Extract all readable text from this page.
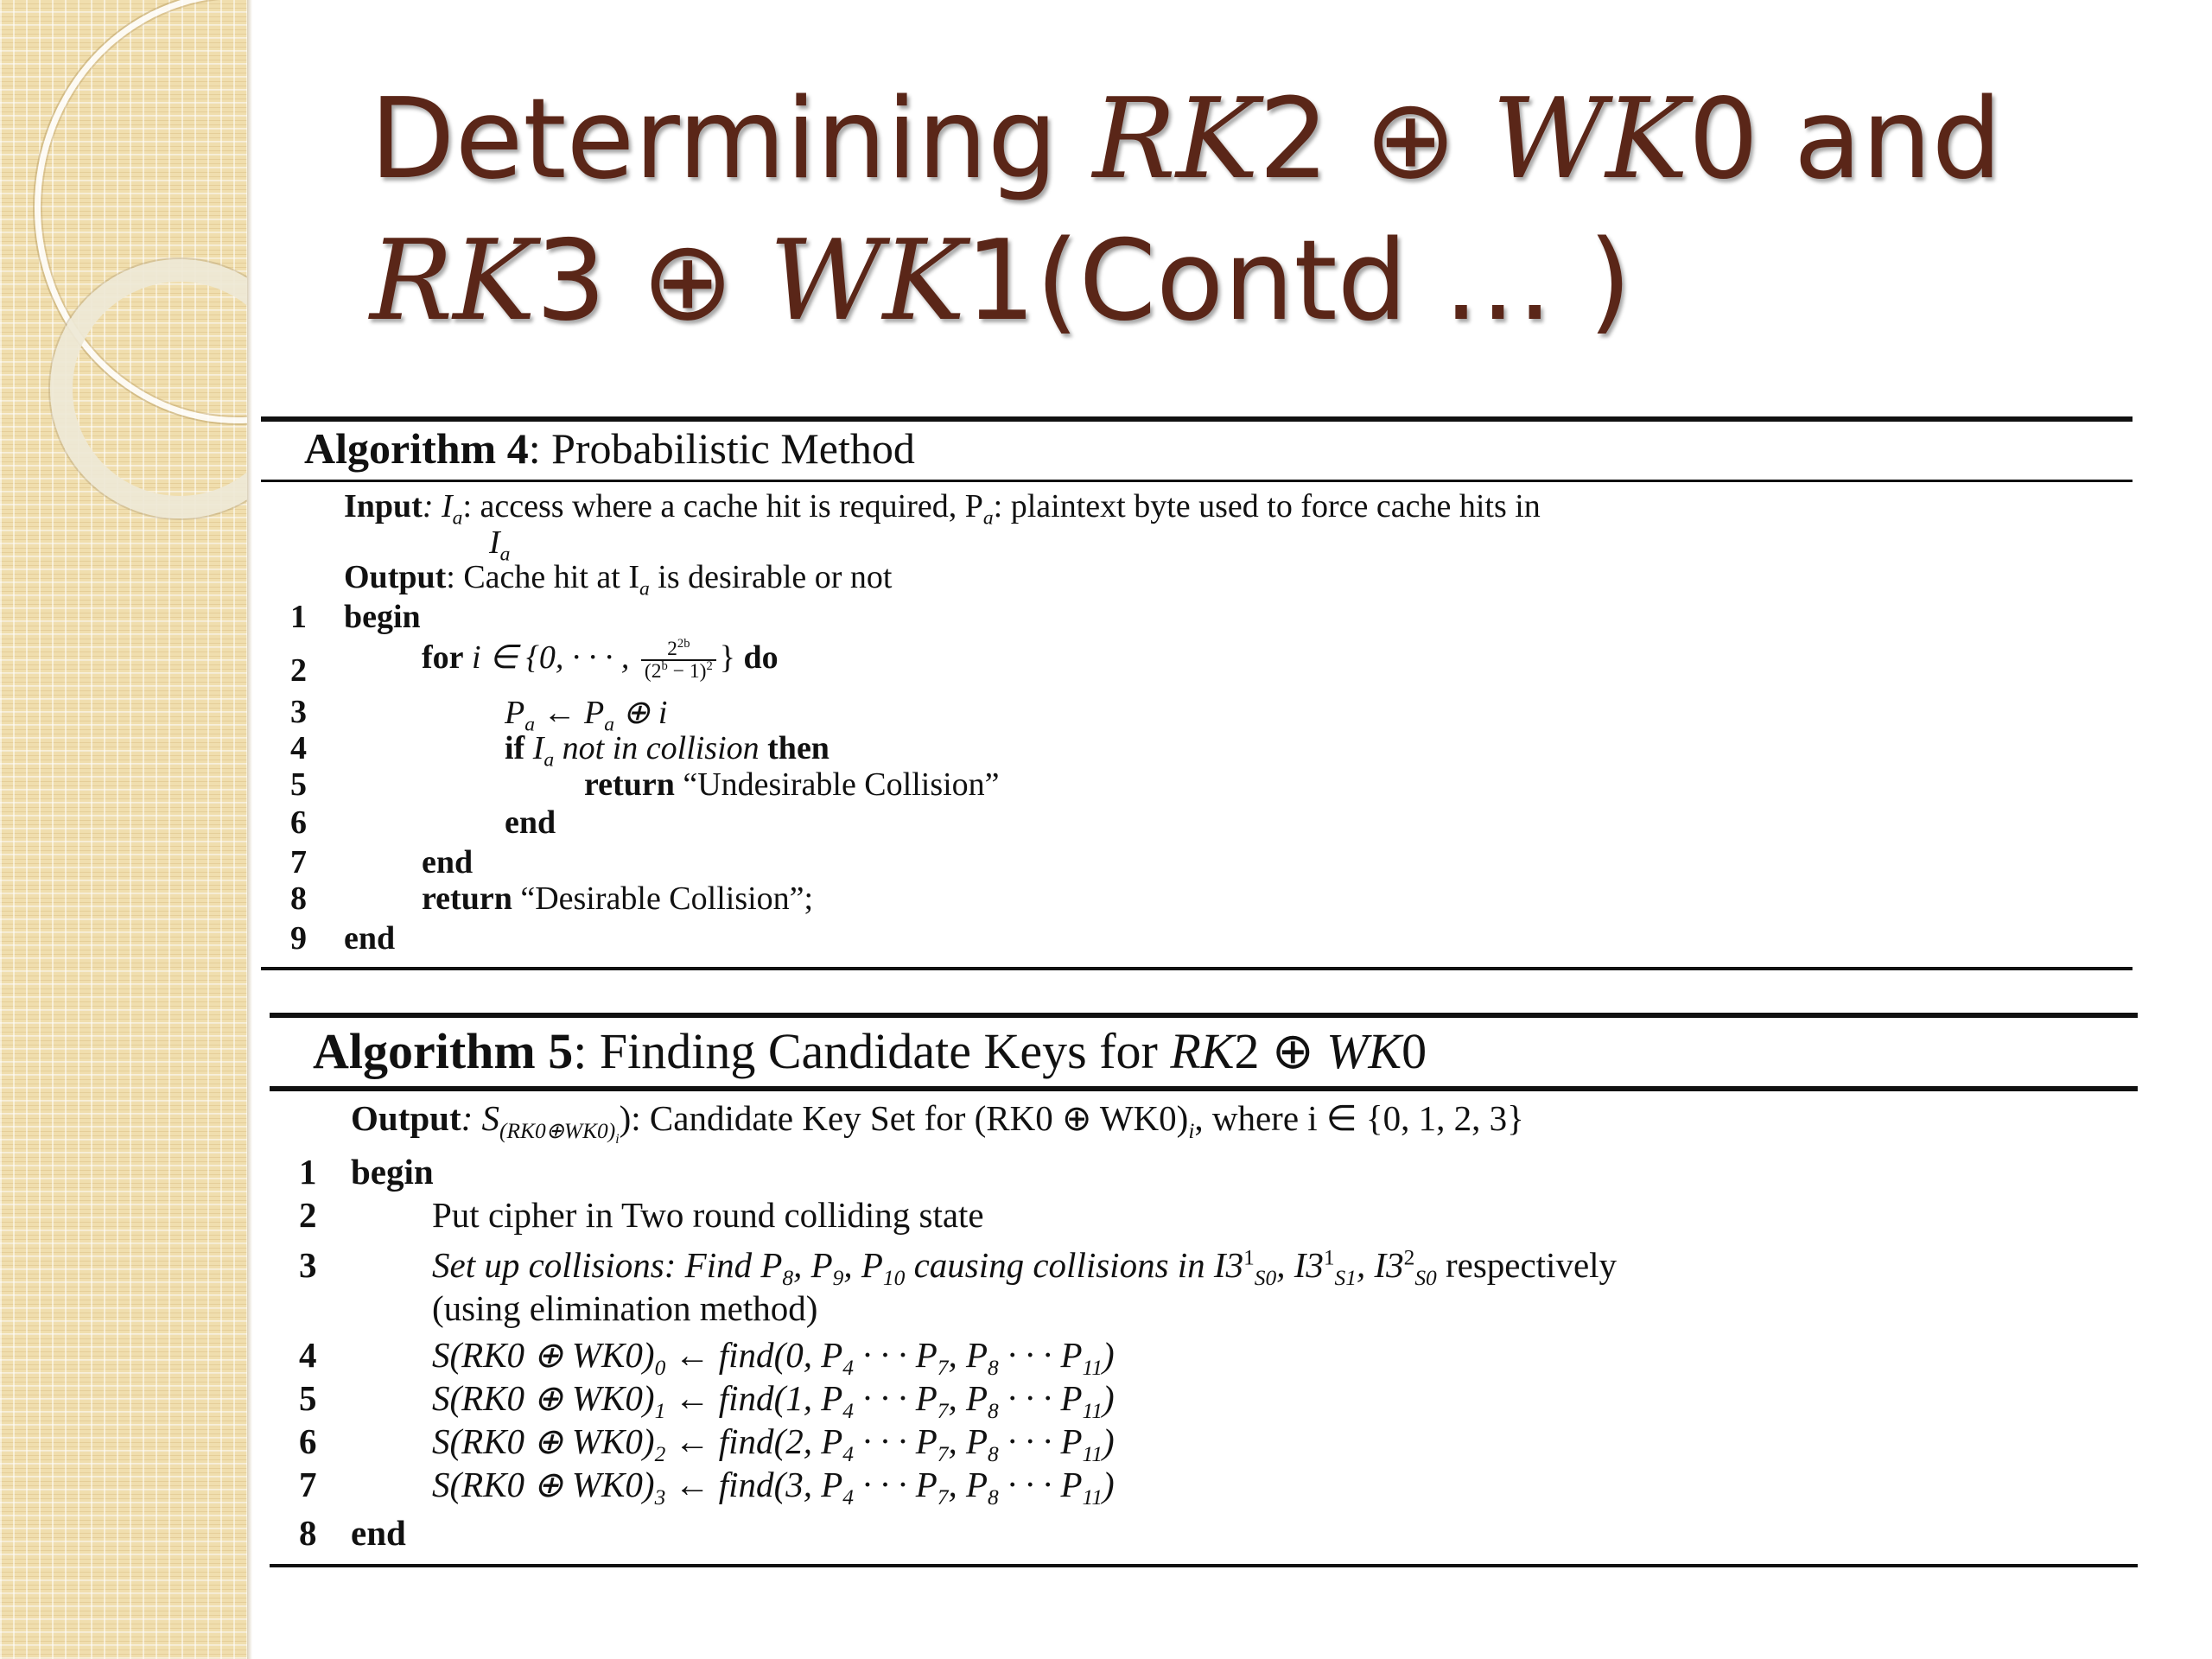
Determining RK2 ⊕ WK0 and
RK3 ⊕ WK1(Contd … )
Algorithm 4: Probabilistic Method
Input: $I_a$: access where a cache hit is required, $P_a$: plaintext byte used to force cache hits in
$I_a$
Output: Cache hit at $I_a$ is desirable or not
1 begin
2	for i ∈ {0, · · · , $\frac{2^{2b}}{(2^b - 1)^2}$ } do
3	$P_a$ ← $P_a$ ⊕ i
4	if $I_a$ not in collision then
5	return “Undesirable Collision”
6	end
7	end
8	return “Desirable Collision”;
9 end
Algorithm 5: Finding Candidate Keys for RK2 ⊕ WK0
Output: $S_{(RK0\oplus WK0)_i}$): Candidate Key Set for (RK0 ⊕ $WK0)_i$, where i ∈ {0, 1, 2, 3}
1 begin
2	Put cipher in Two round colliding state
3	Set up collisions: Find $P_8$, $P_9$, $P_{10}$ causing collisions in $I3^1_{S0}$, $I3^1_{S1}$, $I3^2_{S0}$ respectively
(using elimination method)
4	S(RK0 ⊕ $WK0)_0$ ← find(0, $P_4$ · · · $P_7$, $P_8$ · · · $P_{11}$)
5	S(RK0 ⊕ $WK0)_1$ ← find(1, $P_4$ · · · $P_7$, $P_8$ · · · $P_{11}$)
6	S(RK0 ⊕ $WK0)_2$ ← find(2, $P_4$ · · · $P_7$, $P_8$ · · · $P_{11}$)
7	S(RK0 ⊕ $WK0)_3$ ← find(3, $P_4$ · · · $P_7$, $P_8$ · · · $P_{11}$)
8 end
